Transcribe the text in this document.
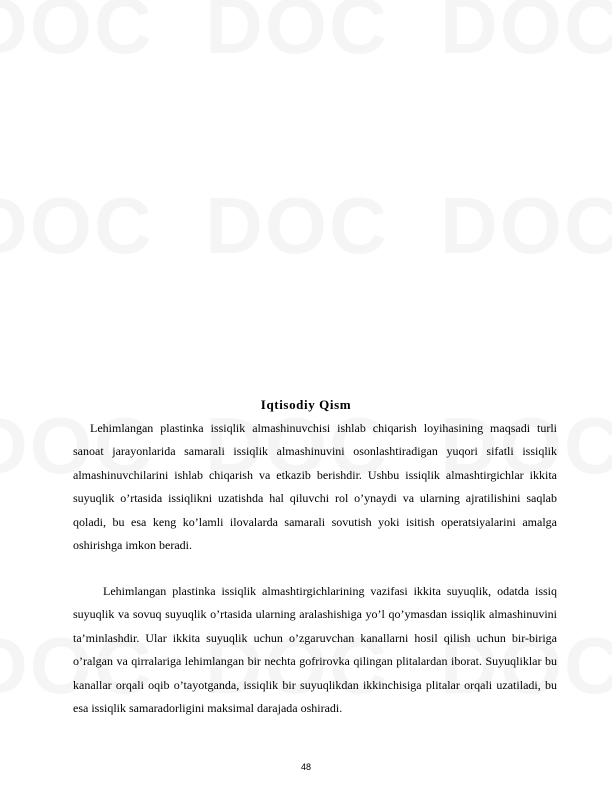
Iqtisodiy Qism

Lehimlangan plastinka issiqlik almashinuvchisi ishlab chiqarish loyihasining maqsadi turli sanoat jarayonlarida samarali issiqlik almashinuvini osonlashtiradigan yuqori sifatli issiqlik almashinuvchilarini ishlab chiqarish va etkazib berishdir. Ushbu issiqlik almashtirgichlar ikkita suyuqlik o’rtasida issiqlikni uzatishda hal qiluvchi rol o’ynaydi va ularning ajratilishini saqlab qoladi, bu esa keng ko’lamli ilovalarda samarali sovutish yoki isitish operatsiyalarini amalga oshirishga imkon beradi.

Lehimlangan plastinka issiqlik almashtirgichlarining vazifasi ikkita suyuqlik, odatda issiq suyuqlik va sovuq suyuqlik o’rtasida ularning aralashishiga yo’l qo’ymasdan issiqlik almashinuvini ta’minlashdir. Ular ikkita suyuqlik uchun o’zgaruvchan kanallarni hosil qilish uchun bir-biriga o’ralgan va qirralariga lehimlangan bir nechta gofrirovka qilingan plitalardan iborat. Suyuqliklar bu kanallar orqali oqib o’tayotganda, issiqlik bir suyuqlikdan ikkinchisiga plitalar orqali uzatiladi, bu esa issiqlik samaradorligini maksimal darajada oshiradi.

48
